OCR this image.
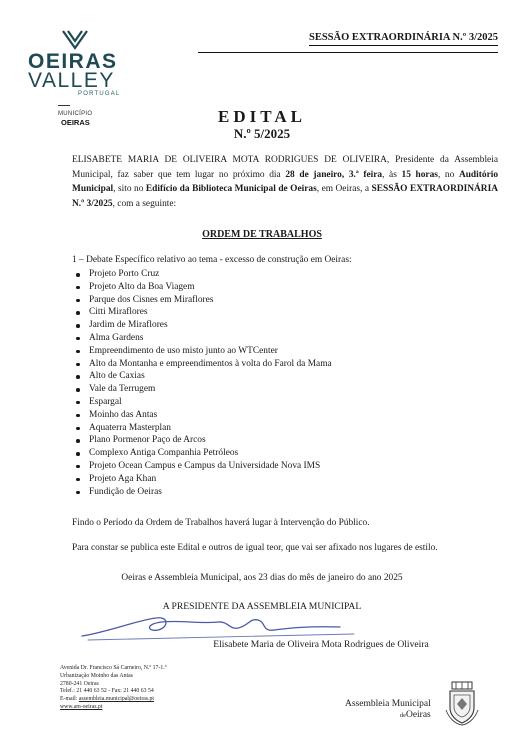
OEIRAS
VALLEY
PORTUGAL
MUNICÍPIO
OEIRAS
SESSÃO EXTRAORDINÁRIA N.º 3/2025
EDITAL
N.º 5/2025
ELISABETE MARIA DE OLIVEIRA MOTA RODRIGUES DE OLIVEIRA, Presidente da Assembleia Municipal, faz saber que tem lugar no próximo dia 28 de janeiro, 3.ª feira, às 15 horas, no Auditório Municipal, sito no Edifício da Biblioteca Municipal de Oeiras, em Oeiras, a SESSÃO EXTRAORDINÁRIA N.º 3/2025, com a seguinte:
ORDEM DE TRABALHOS
1 – Debate Específico relativo ao tema - excesso de construção em Oeiras:
Projeto Porto Cruz
Projeto Alto da Boa Viagem
Parque dos Cisnes em Miraflores
Citti Miraflores
Jardim de Miraflores
Alma Gardens
Empreendimento de uso misto junto ao WTCenter
Alto da Montanha e empreendimentos à volta do Farol da Mama
Alto de Caxias
Vale da Terrugem
Espargal
Moinho das Antas
Aquaterra Masterplan
Plano Pormenor Paço de Arcos
Complexo Antiga Companhia Petróleos
Projeto Ocean Campus e Campus da Universidade Nova IMS
Projeto Aga Khan
Fundição de Oeiras
Findo o Período da Ordem de Trabalhos haverá lugar à Intervenção do Público.
Para constar se publica este Edital e outros de igual teor, que vai ser afixado nos lugares de estilo.
Oeiras e Assembleia Municipal, aos 23 dias do mês de janeiro do ano 2025
A PRESIDENTE DA ASSEMBLEIA MUNICIPAL
Elisabete Maria de Oliveira Mota Rodrigues de Oliveira
Avenida Dr. Francisco Sá Carneiro, N.º 17-1.º
Urbanização Moinho das Antas
2780-241 Oeiras
Telef.: 21 440 63 52 - Fax: 21 440 63 54
E-mail: assembleia.municipal@oeiras.pt
www.am-oeiras.pt	Assembleia Municipal
deOeiras
